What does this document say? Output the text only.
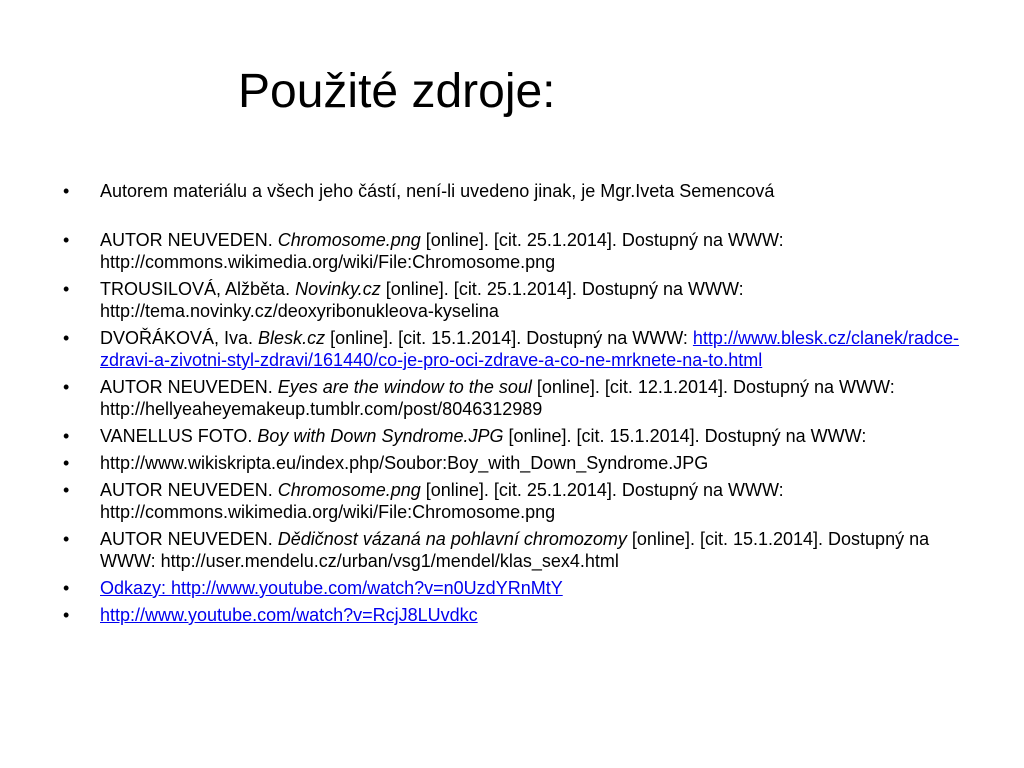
Použité zdroje:
• Autorem materiálu a všech jeho částí, není-li uvedeno jinak, je Mgr.Iveta Semencová
• AUTOR NEUVEDEN. Chromosome.png [online]. [cit. 25.1.2014]. Dostupný na WWW: http://commons.wikimedia.org/wiki/File:Chromosome.png
• TROUSILOVÁ, Alžběta. Novinky.cz [online]. [cit. 25.1.2014]. Dostupný na WWW: http://tema.novinky.cz/deoxyribonukleova-kyselina
• DVOŘÁKOVÁ, Iva. Blesk.cz [online]. [cit. 15.1.2014]. Dostupný na WWW: http://www.blesk.cz/clanek/radce-zdravi-a-zivotni-styl-zdravi/161440/co-je-pro-oci-zdrave-a-co-ne-mrknete-na-to.html
• AUTOR NEUVEDEN. Eyes are the window to the soul [online]. [cit. 12.1.2014]. Dostupný na WWW: http://hellyeaheyemakeup.tumblr.com/post/8046312989
• VANELLUS FOTO. Boy with Down Syndrome.JPG [online]. [cit. 15.1.2014]. Dostupný na WWW:
• http://www.wikiskripta.eu/index.php/Soubor:Boy_with_Down_Syndrome.JPG
• AUTOR NEUVEDEN. Chromosome.png [online]. [cit. 25.1.2014]. Dostupný na WWW: http://commons.wikimedia.org/wiki/File:Chromosome.png
• AUTOR NEUVEDEN. Dědičnost vázaná na pohlavní chromozomy [online]. [cit. 15.1.2014]. Dostupný na WWW: http://user.mendelu.cz/urban/vsg1/mendel/klas_sex4.html
• Odkazy: http://www.youtube.com/watch?v=n0UzdYRnMtY
• http://www.youtube.com/watch?v=RcjJ8LUvdkc
